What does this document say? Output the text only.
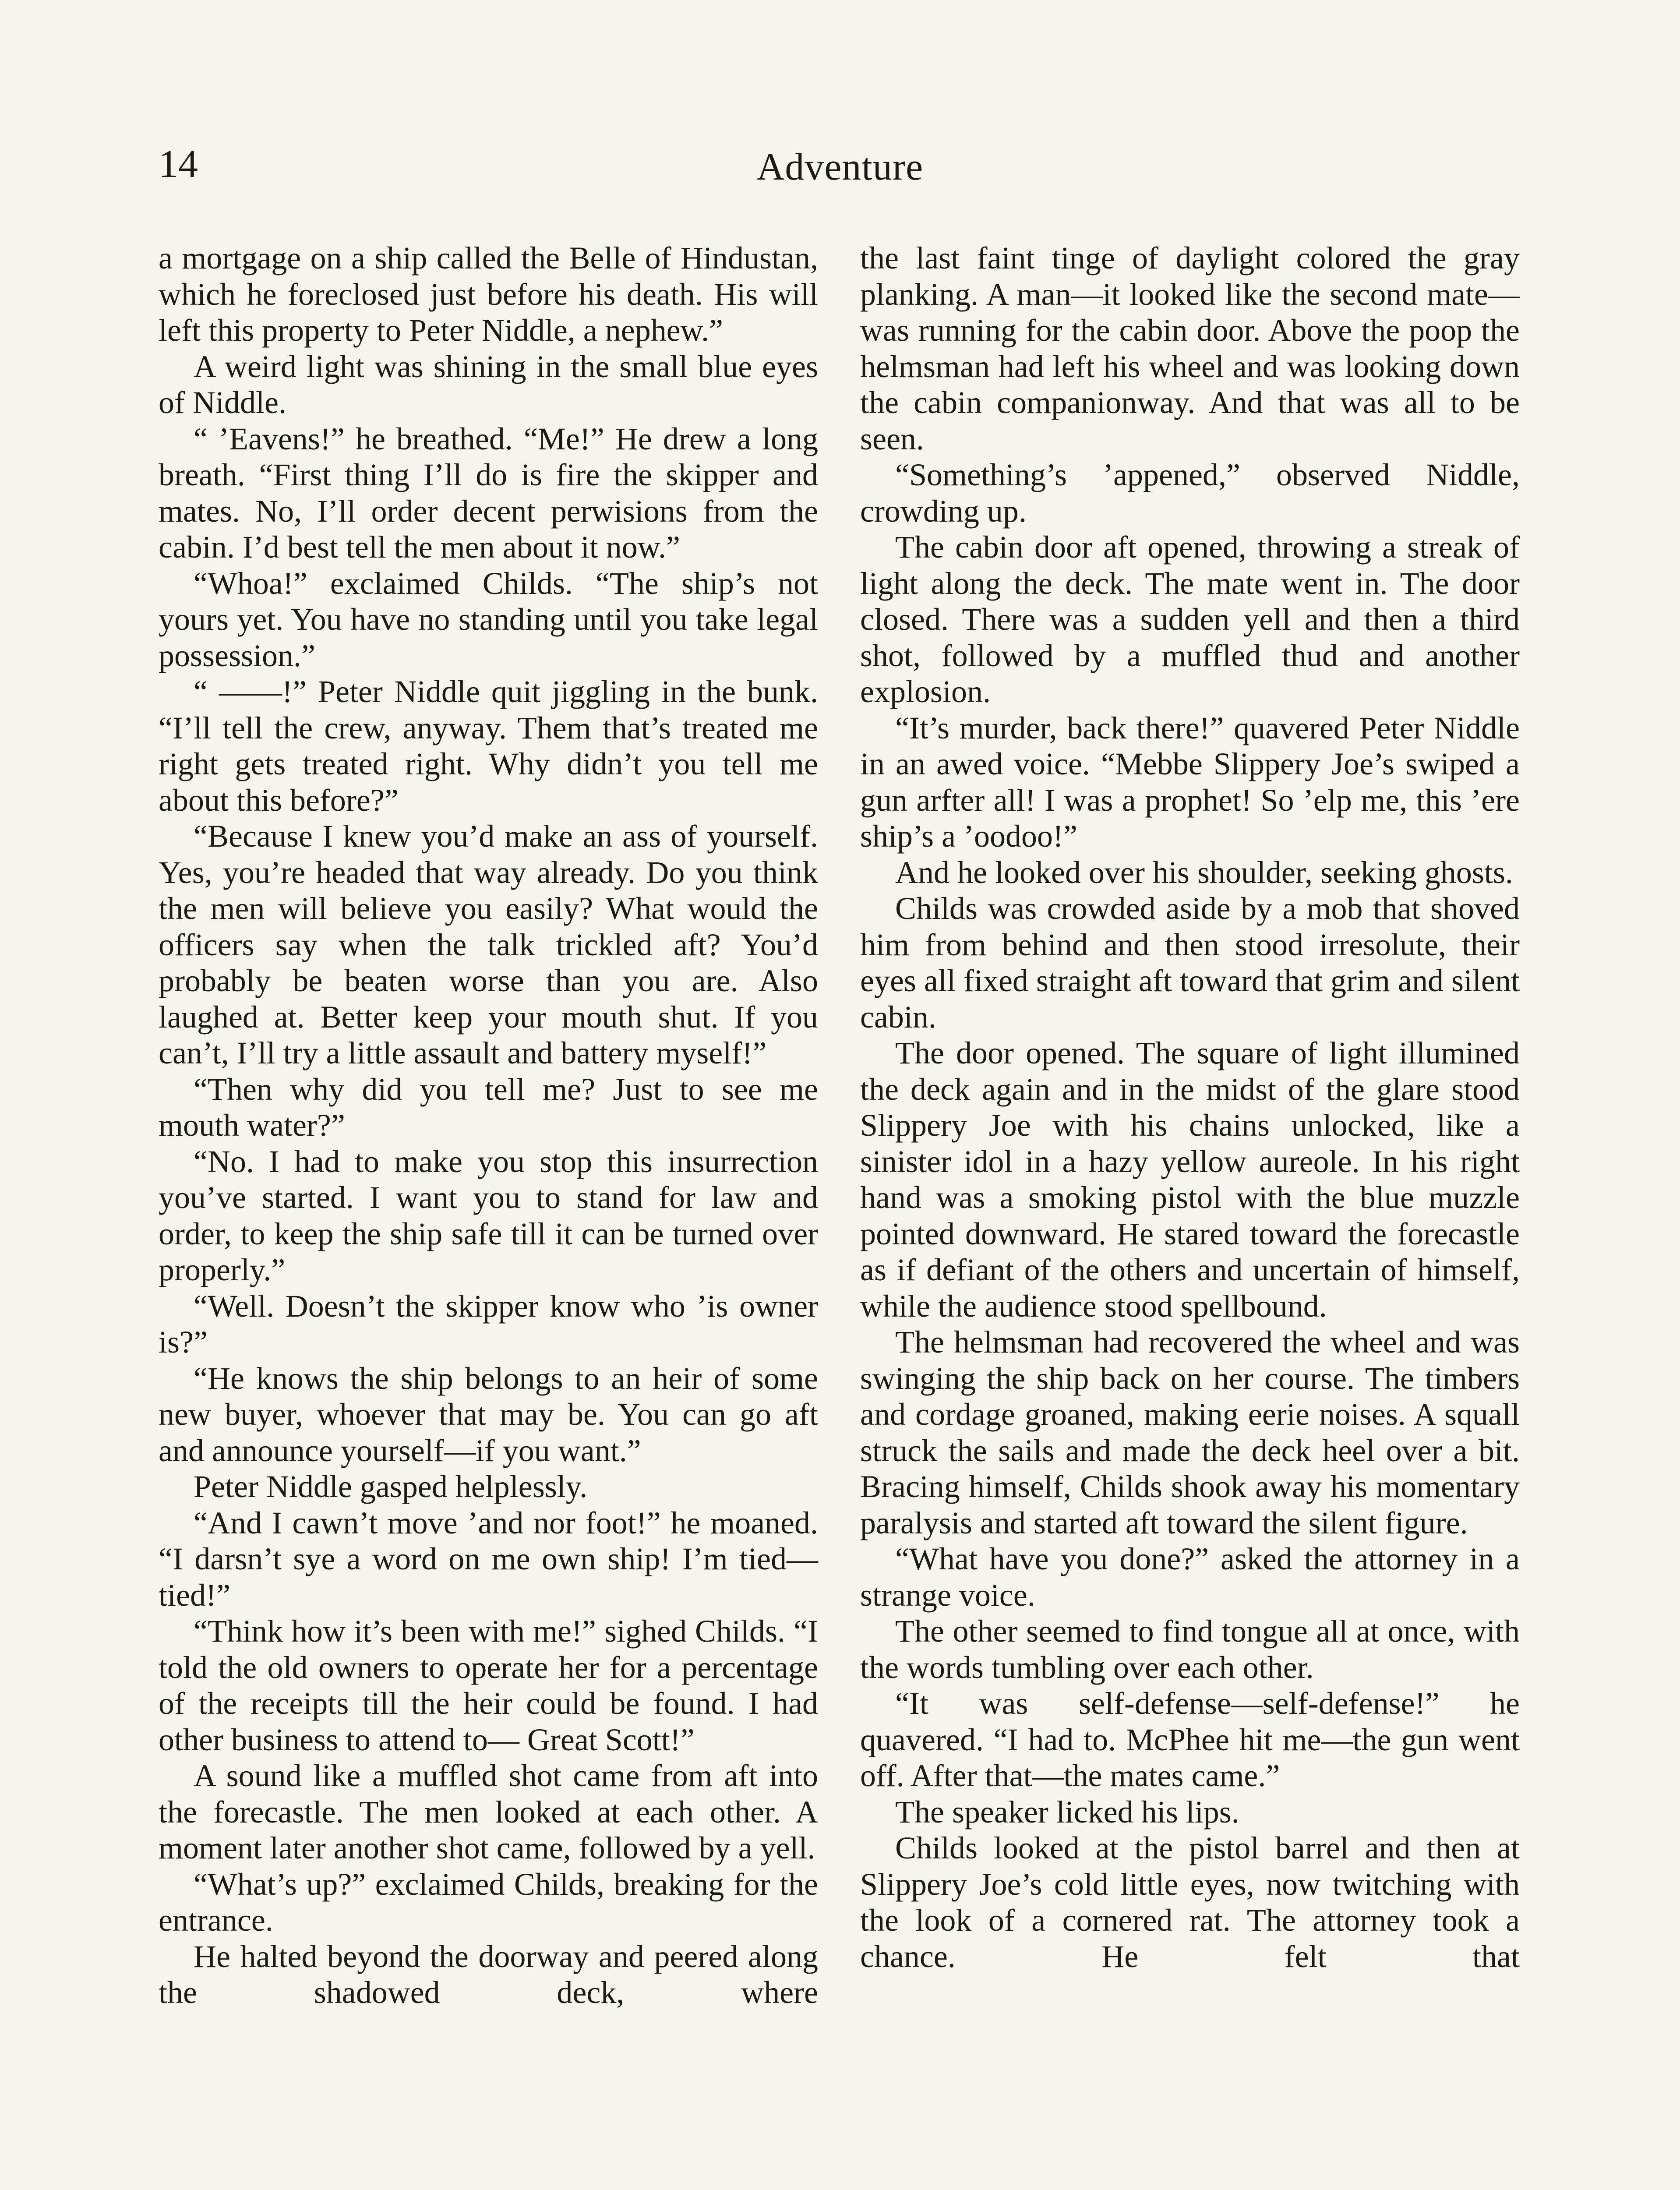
14	Adventure

a mortgage on a ship called the Belle of Hindustan, which he foreclosed just before his death. His will left this property to Peter Niddle, a nephew.”

A weird light was shining in the small blue eyes of Niddle.

“ ’Eavens!” he breathed. “Me!” He drew a long breath. “First thing I’ll do is fire the skipper and mates. No, I’ll order decent perwisions from the cabin. I’d best tell the men about it now.”

“Whoa!” exclaimed Childs. “The ship’s not yours yet. You have no standing until you take legal possession.”

“ ——!” Peter Niddle quit jiggling in the bunk. “I’ll tell the crew, anyway. Them that’s treated me right gets treated right. Why didn’t you tell me about this before?”

“Because I knew you’d make an ass of yourself. Yes, you’re headed that way already. Do you think the men will believe you easily? What would the officers say when the talk trickled aft? You’d probably be beaten worse than you are. Also laughed at. Better keep your mouth shut. If you can’t, I’ll try a little assault and battery myself!”

“Then why did you tell me? Just to see me mouth water?”

“No. I had to make you stop this insurrection you’ve started. I want you to stand for law and order, to keep the ship safe till it can be turned over properly.”

“Well. Doesn’t the skipper know who ’is owner is?”

“He knows the ship belongs to an heir of some new buyer, whoever that may be. You can go aft and announce yourself—if you want.”

Peter Niddle gasped helplessly.

“And I cawn’t move ’and nor foot!” he moaned. “I darsn’t sye a word on me own ship! I’m tied—tied!”

“Think how it’s been with me!” sighed Childs. “I told the old owners to operate her for a percentage of the receipts till the heir could be found. I had other business to attend to— Great Scott!”

A sound like a muffled shot came from aft into the forecastle. The men looked at each other. A moment later another shot came, followed by a yell.

“What’s up?” exclaimed Childs, breaking for the entrance.

He halted beyond the doorway and peered along the shadowed deck, where

the last faint tinge of daylight colored the gray planking. A man—it looked like the second mate—was running for the cabin door. Above the poop the helmsman had left his wheel and was looking down the cabin companionway. And that was all to be seen.

“Something’s ’appened,” observed Niddle, crowding up.

The cabin door aft opened, throwing a streak of light along the deck. The mate went in. The door closed. There was a sudden yell and then a third shot, followed by a muffled thud and another explosion.

“It’s murder, back there!” quavered Peter Niddle in an awed voice. “Mebbe Slippery Joe’s swiped a gun arfter all! I was a prophet! So ’elp me, this ’ere ship’s a ’oodoo!”

And he looked over his shoulder, seeking ghosts.

Childs was crowded aside by a mob that shoved him from behind and then stood irresolute, their eyes all fixed straight aft toward that grim and silent cabin.

The door opened. The square of light illumined the deck again and in the midst of the glare stood Slippery Joe with his chains unlocked, like a sinister idol in a hazy yellow aureole. In his right hand was a smoking pistol with the blue muzzle pointed downward. He stared toward the forecastle as if defiant of the others and uncertain of himself, while the audience stood spellbound.

The helmsman had recovered the wheel and was swinging the ship back on her course. The timbers and cordage groaned, making eerie noises. A squall struck the sails and made the deck heel over a bit. Bracing himself, Childs shook away his momentary paralysis and started aft toward the silent figure.

“What have you done?” asked the attorney in a strange voice.

The other seemed to find tongue all at once, with the words tumbling over each other.

“It was self-defense—self-defense!” he quavered. “I had to. McPhee hit me—the gun went off. After that—the mates came.”

The speaker licked his lips.

Childs looked at the pistol barrel and then at Slippery Joe’s cold little eyes, now twitching with the look of a cornered rat. The attorney took a chance. He felt that
